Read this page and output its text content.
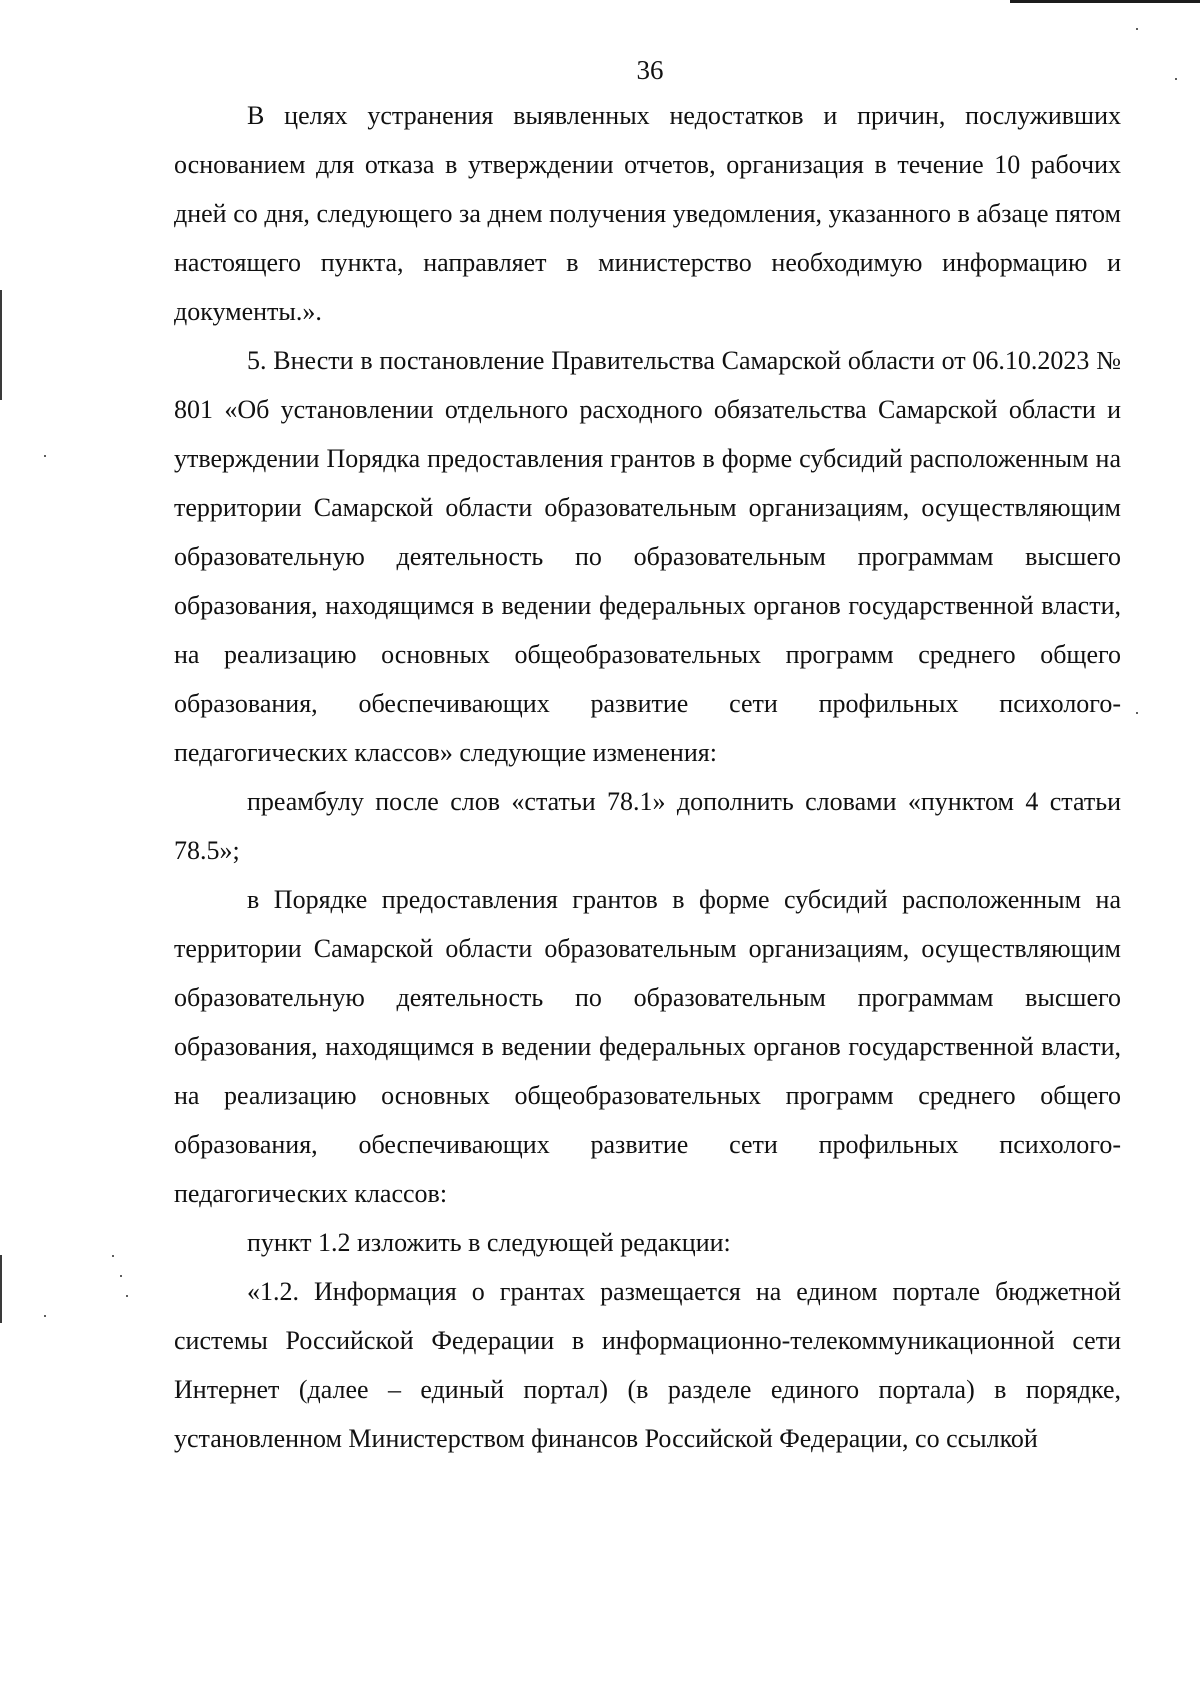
36

В целях устранения выявленных недостатков и причин, послуживших основанием для отказа в утверждении отчетов, организация в течение 10 рабочих дней со дня, следующего за днем получения уведомления, указанного в абзаце пятом настоящего пункта, направляет в министерство необходимую информацию и документы.».

5. Внести в постановление Правительства Самарской области от 06.10.2023 № 801 «Об установлении отдельного расходного обязательства Самарской области и утверждении Порядка предоставления грантов в форме субсидий расположенным на территории Самарской области образовательным организациям, осуществляющим образовательную деятельность по образовательным программам высшего образования, находящимся в ведении федеральных органов государственной власти, на реализацию основных общеобразовательных программ среднего общего образования, обеспечивающих развитие сети профильных психолого-педагогических классов» следующие изменения:

преамбулу после слов «статьи 78.1» дополнить словами «пунктом 4 статьи 78.5»;

в Порядке предоставления грантов в форме субсидий расположенным на территории Самарской области образовательным организациям, осуществляющим образовательную деятельность по образовательным программам высшего образования, находящимся в ведении федеральных органов государственной власти, на реализацию основных общеобразовательных программ среднего общего образования, обеспечивающих развитие сети профильных психолого-педагогических классов:

пункт 1.2 изложить в следующей редакции:

«1.2. Информация о грантах размещается на едином портале бюджетной системы Российской Федерации в информационно-телекоммуникационной сети Интернет (далее – единый портал) (в разделе единого портала) в порядке, установленном Министерством финансов Российской Федерации, со ссылкой
